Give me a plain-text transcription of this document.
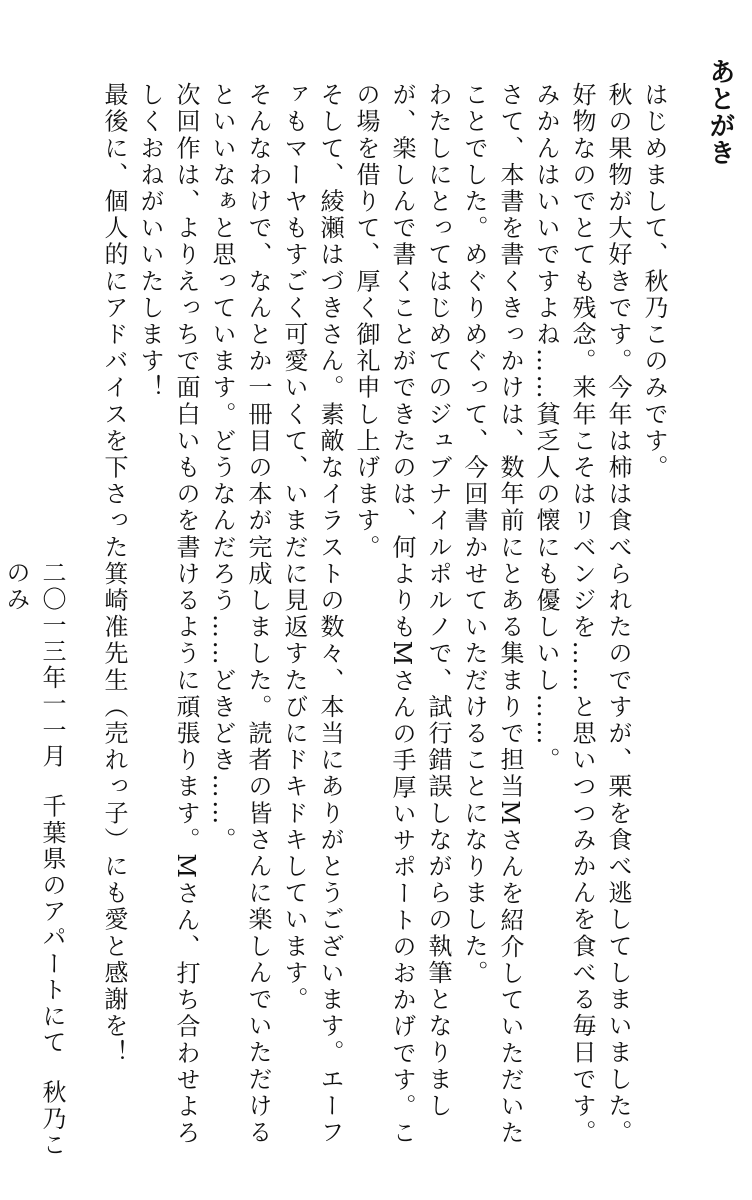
あとがき

はじめまして、秋乃このみです。

秋の果物が大好きです。今年は柿は食べられたのですが、栗を食べ逃してしまいました。好物なのでとても残念。来年こそはリベンジを……と思いつつみかんを食べる毎日です。みかんはいいですよね……貧乏人の懐にも優しいし……。

さて、本書を書くきっかけは、数年前にとある集まりで担当Mさんを紹介していただいたことでした。めぐりめぐって、今回書かせていただけることになりました。

わたしにとってはじめてのジュブナイルポルノで、試行錯誤しながらの執筆となりましが、楽しんで書くことができたのは、何よりもMさんの手厚いサポートのおかげです。この場を借りて、厚く御礼申し上げます。

そして、綾瀬はづきさん。素敵なイラストの数々、本当にありがとうございます。エーファもマーヤもすごく可愛いくて、いまだに見返すたびにドキドキしています。

そんなわけで、なんとか一冊目の本が完成しました。読者の皆さんに楽しんでいただけるといいなぁと思っています。どうなんだろう……どきどき……。

次回作は、よりえっちで面白いものを書けるように頑張ります。Mさん、打ち合わせよろしくおねがいいたします！

最後に、個人的にアドバイスを下さった箕崎准先生（売れっ子）にも愛と感謝を！

二〇一三年一一月千葉県のアパートにて秋乃このみ
